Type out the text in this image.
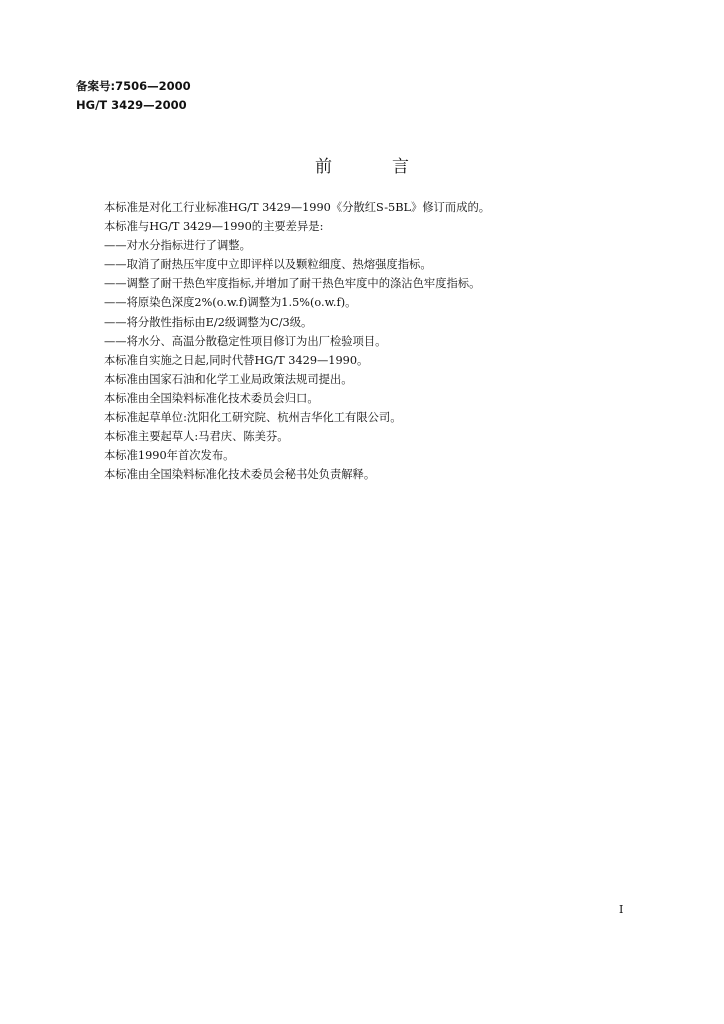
备案号:7506—2000
HG/T 3429—2000
前言
本标准是对化工行业标准HG/T 3429—1990《分散红S-5BL》修订而成的。
本标准与HG/T 3429—1990的主要差异是:
——对水分指标进行了调整。
——取消了耐热压牢度中立即评样以及颗粒细度、热熔强度指标。
——调整了耐干热色牢度指标,并增加了耐干热色牢度中的涤沾色牢度指标。
——将原染色深度2%(o.w.f)调整为1.5%(o.w.f)。
——将分散性指标由E/2级调整为C/3级。
——将水分、高温分散稳定性项目修订为出厂检验项目。
本标准自实施之日起,同时代替HG/T 3429—1990。
本标准由国家石油和化学工业局政策法规司提出。
本标准由全国染料标准化技术委员会归口。
本标准起草单位:沈阳化工研究院、杭州吉华化工有限公司。
本标准主要起草人:马君庆、陈美芬。
本标准1990年首次发布。
本标准由全国染料标准化技术委员会秘书处负责解释。
I
